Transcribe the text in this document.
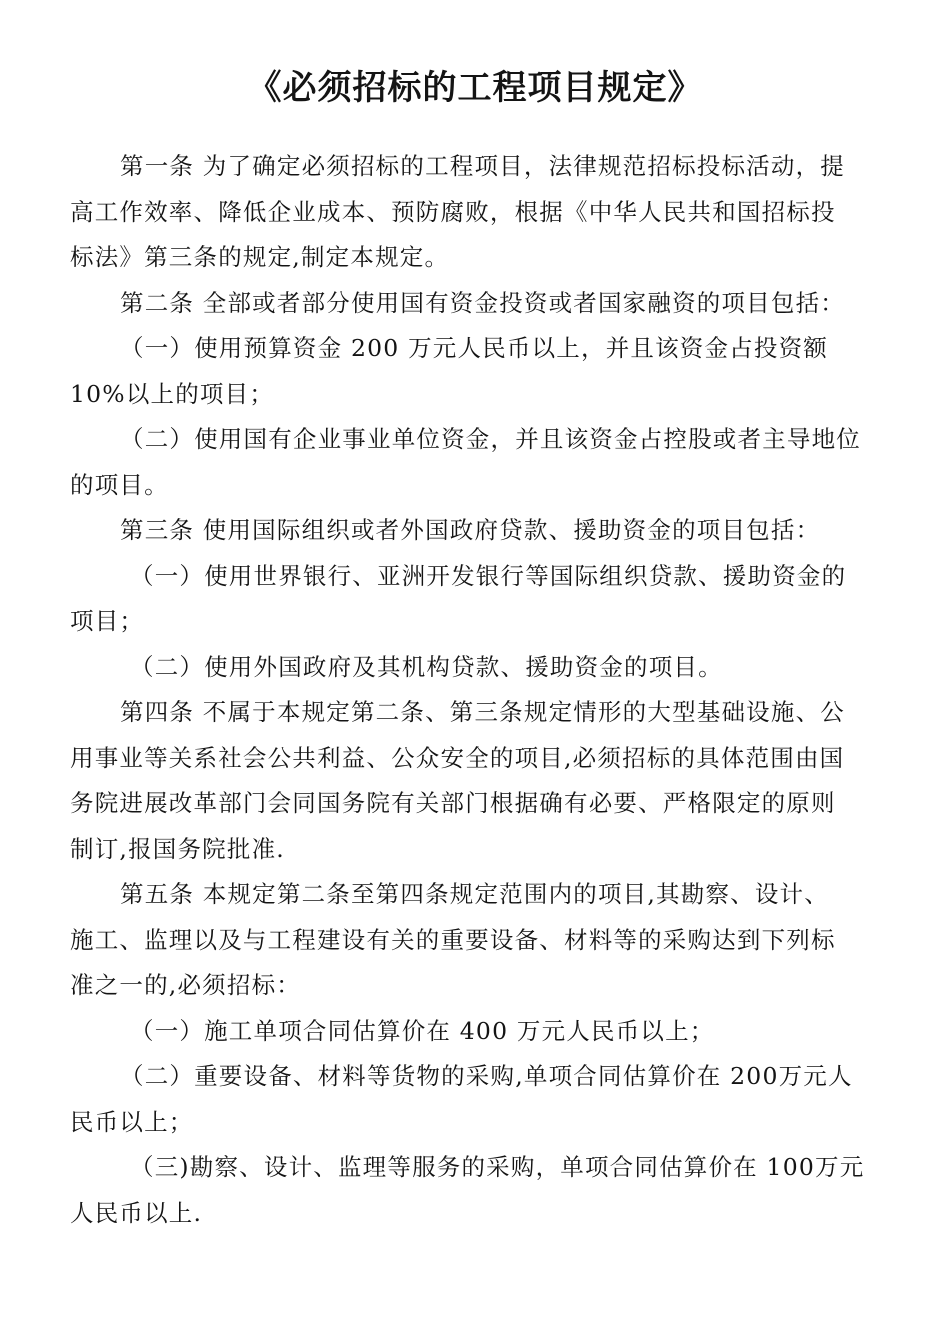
《必须招标的工程项目规定》
第一条 为了确定必须招标的工程项目，法律规范招标投标活动，提
高工作效率、降低企业成本、预防腐败，根据《中华人民共和国招标投
标法》第三条的规定,制定本规定。
第二条 全部或者部分使用国有资金投资或者国家融资的项目包括：
（一）使用预算资金 200 万元人民币以上，并且该资金占投资额
10%以上的项目；
（二）使用国有企业事业单位资金，并且该资金占控股或者主导地位
的项目。
第三条 使用国际组织或者外国政府贷款、援助资金的项目包括：
（一）使用世界银行、亚洲开发银行等国际组织贷款、援助资金的
项目；
（二）使用外国政府及其机构贷款、援助资金的项目。
第四条 不属于本规定第二条、第三条规定情形的大型基础设施、公
用事业等关系社会公共利益、公众安全的项目,必须招标的具体范围由国
务院进展改革部门会同国务院有关部门根据确有必要、严格限定的原则
制订,报国务院批准.
第五条 本规定第二条至第四条规定范围内的项目,其勘察、设计、
施工、监理以及与工程建设有关的重要设备、材料等的采购达到下列标
准之一的,必须招标：
（一）施工单项合同估算价在 400 万元人民币以上；
（二）重要设备、材料等货物的采购,单项合同估算价在 200万元人
民币以上；
（三)勘察、设计、监理等服务的采购，单项合同估算价在 100万元
人民币以上.
